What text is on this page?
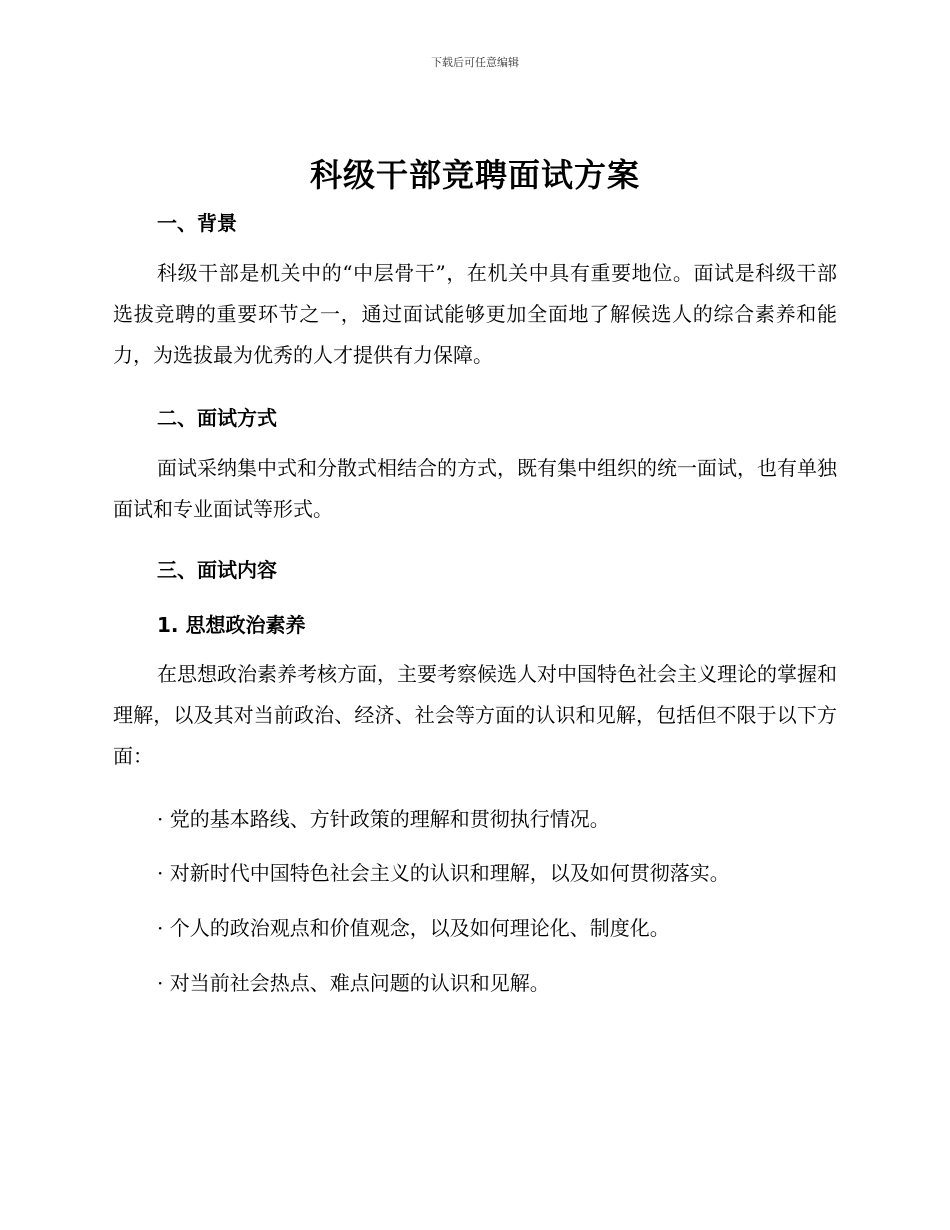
下载后可任意编辑
科级干部竞聘面试方案
一、背景
科级干部是机关中的“中层骨干”，在机关中具有重要地位。面试是科级干部选拔竞聘的重要环节之一，通过面试能够更加全面地了解候选人的综合素养和能力，为选拔最为优秀的人才提供有力保障。
二、面试方式
面试采纳集中式和分散式相结合的方式，既有集中组织的统一面试，也有单独面试和专业面试等形式。
三、面试内容
1. 思想政治素养
在思想政治素养考核方面，主要考察候选人对中国特色社会主义理论的掌握和理解，以及其对当前政治、经济、社会等方面的认识和见解，包括但不限于以下方面：
· 党的基本路线、方针政策的理解和贯彻执行情况。
· 对新时代中国特色社会主义的认识和理解，以及如何贯彻落实。
· 个人的政治观点和价值观念，以及如何理论化、制度化。
· 对当前社会热点、难点问题的认识和见解。
